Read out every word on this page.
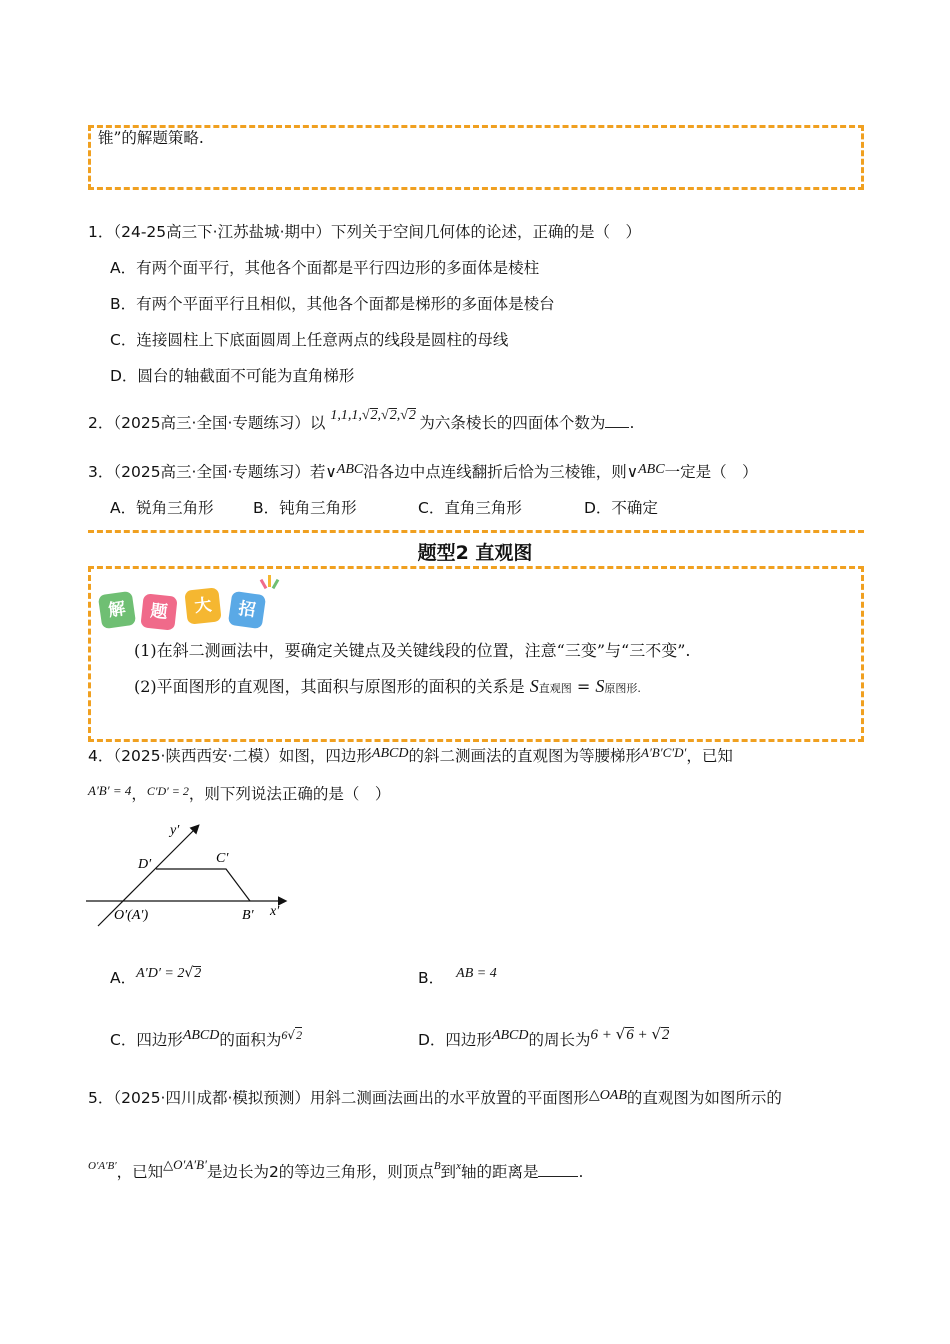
锥”的解题策略.
1．（24-25高三下·江苏盐城·期中）下列关于空间几何体的论述，正确的是（　）
A．有两个面平行，其他各个面都是平行四边形的多面体是棱柱
B．有两个平面平行且相似，其他各个面都是梯形的多面体是棱台
C．连接圆柱上下底面圆周上任意两点的线段是圆柱的母线
D．圆台的轴截面不可能为直角梯形
2．（2025高三·全国·专题练习）以 1,1,1,√2,√2,√2 为六条棱长的四面体个数为 .
3．（2025高三·全国·专题练习）若∨ABC沿各边中点连线翻折后恰为三棱锥，则∨ABC一定是（　）
A．锐角三角形	B．钝角三角形	C．直角三角形	D．不确定
题型2 直观图
解	题	大	招
(1)在斜二测画法中，要确定关键点及关键线段的位置，注意“三变”与“三不变”.
(2)平面图形的直观图，其面积与原图形的面积的关系是 S直观图 = S原图形.
4．（2025·陕西西安·二模）如图，四边形ABCD的斜二测画法的直观图为等腰梯形$^{A'B'C'D'}$，已知
$^{A'B' = 4}$，$^{C'D' = 2}$，则下列说法正确的是（　）
y′
x′
D′	C′
O′(A′)	B′
A．A′D′ = 2√2	B． AB = 4
C．四边形ABCD的面积为6√2	D．四边形ABCD的周长为6 + √6 + √2
5．（2025·四川成都·模拟预测）用斜二测画法画出的水平放置的平面图形△OAB的直观图为如图所示的
$^{O'A'B'}$，已知$^{\triangle O'A'B'}$是边长为2的等边三角形，则顶点$^B$到$^x$轴的距离是	.
